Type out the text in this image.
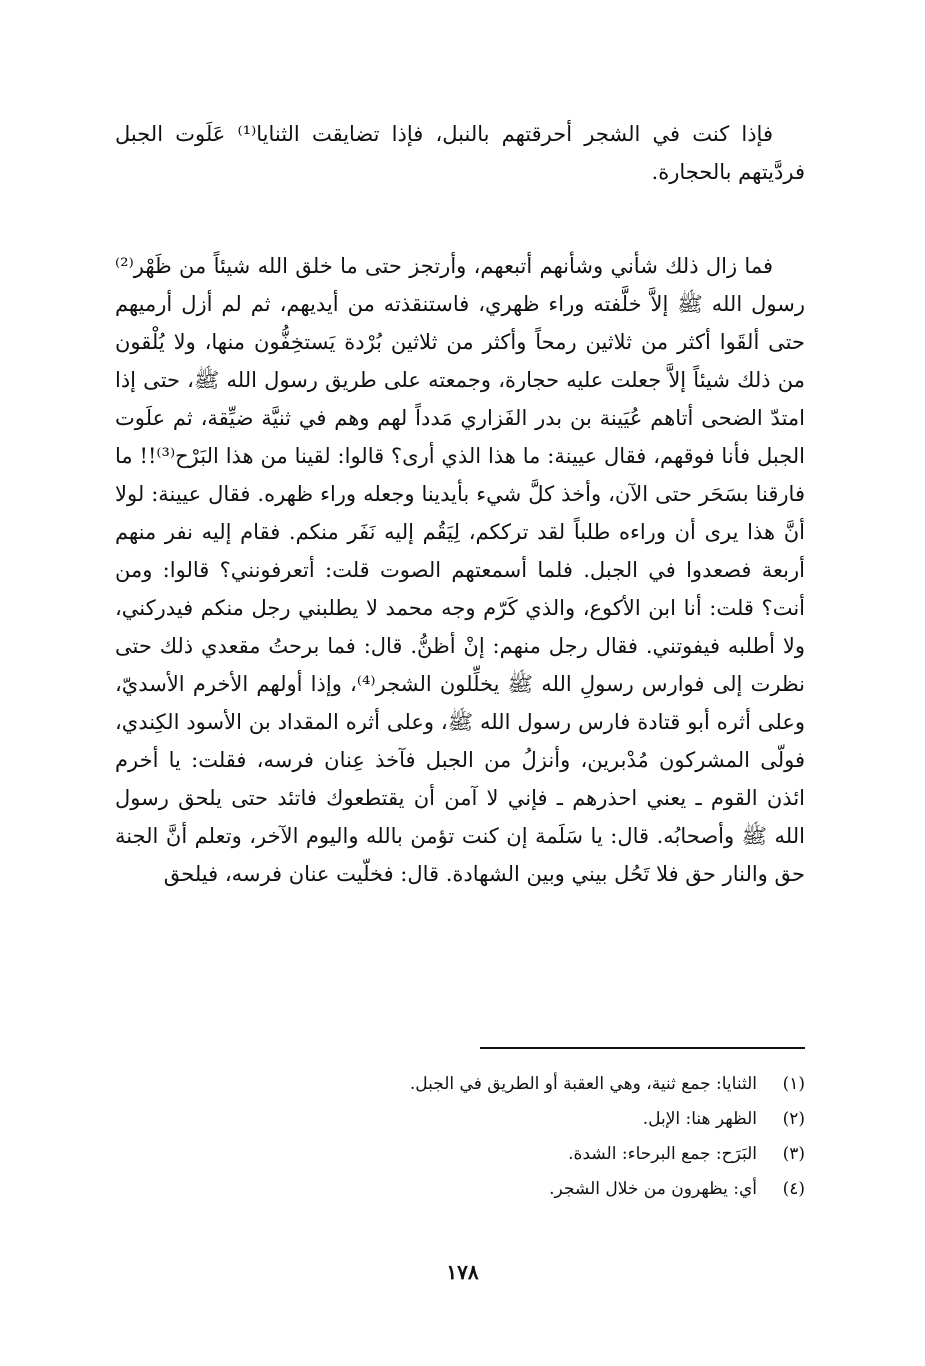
فإذا كنت في الشجر أحرقتهم بالنبل، فإذا تضايقت الثنايا⁽¹⁾ عَلَوت الجبل فردَّيتهم بالحجارة.

فما زال ذلك شأني وشأنهم أتبعهم، وأرتجز حتى ما خلق الله شيئاً من ظَهْر⁽²⁾ رسول الله ﷺ إلاَّ خلَّفته وراء ظهري، فاستنقذته من أيديهم، ثم لم أزل أرميهم حتى ألقَوا أكثر من ثلاثين رمحاً وأكثر من ثلاثين بُرْدة يَستخِفُّون منها، ولا يُلْقون من ذلك شيئاً إلاَّ جعلت عليه حجارة، وجمعته على طريق رسول الله ﷺ، حتى إذا امتدّ الضحى أتاهم عُيَينة بن بدر الفَزاري مَدداً لهم وهم في ثنيَّة ضيِّقة، ثم علَوت الجبل فأنا فوقهم، فقال عيينة: ما هذا الذي أرى؟ قالوا: لقينا من هذا البَرْح⁽³⁾!! ما فارقنا بسَحَر حتى الآن، وأخذ كلَّ شيء بأيدينا وجعله وراء ظهره. فقال عيينة: لولا أنَّ هذا يرى أن وراءه طلباً لقد ترككم، لِيَقُم إليه نَفَر منكم. فقام إليه نفر منهم أربعة فصعدوا في الجبل. فلما أسمعتهم الصوت قلت: أتعرفونني؟ قالوا: ومن أنت؟ قلت: أنا ابن الأكوع، والذي كَرّم وجه محمد لا يطلبني رجل منكم فيدركني، ولا أطلبه فيفوتني. فقال رجل منهم: إنْ أظنُّ. قال: فما برحتُ مقعدي ذلك حتى نظرت إلى فوارس رسولِ الله ﷺ يخلِّلون الشجر⁽⁴⁾، وإذا أولهم الأخرم الأسديّ، وعلى أثره أبو قتادة فارس رسول الله ﷺ، وعلى أثره المقداد بن الأسود الكِندي، فولّى المشركون مُدْبرين، وأنزلُ من الجبل فآخذ عِنان فرسه، فقلت: يا أخرم ائذن القوم ـ يعني احذرهم ـ فإني لا آمن أن يقتطعوك فاتئد حتى يلحق رسول الله ﷺ وأصحابُه. قال: يا سَلَمة إن كنت تؤمن بالله واليوم الآخر، وتعلم أنَّ الجنة حق والنار حق فلا تَحُل بيني وبين الشهادة. قال: فخلّيت عنان فرسه، فيلحق

(١)
الثنايا: جمع ثنية، وهي العقبة أو الطريق في الجبل.
(٢)
الظهر هنا: الإبل.
(٣)
البَرَح: جمع البرحاء: الشدة.
(٤)
أي: يظهرون من خلال الشجر.
١٧٨
